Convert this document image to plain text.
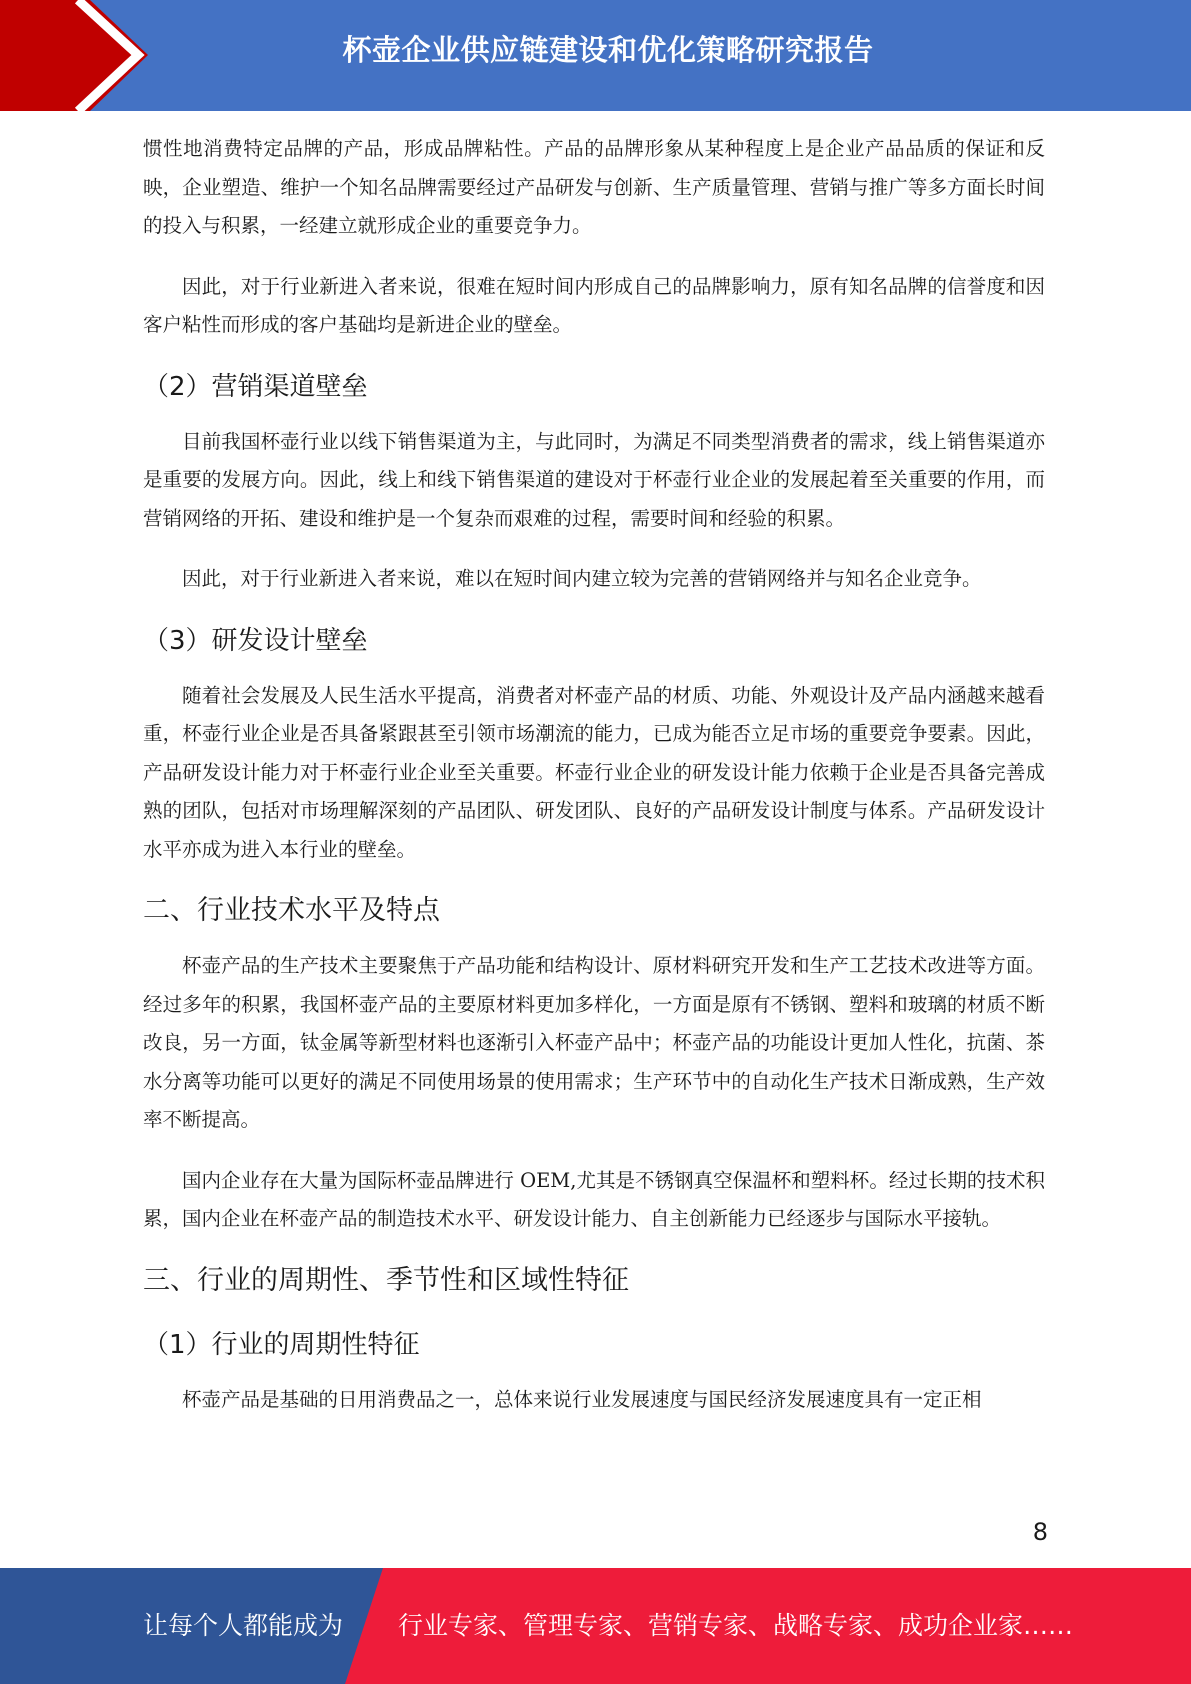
杯壶企业供应链建设和优化策略研究报告

惯性地消费特定品牌的产品，形成品牌粘性。产品的品牌形象从某种程度上是企业产品品质的保证和反映，企业塑造、维护一个知名品牌需要经过产品研发与创新、生产质量管理、营销与推广等多方面长时间的投入与积累，一经建立就形成企业的重要竞争力。

因此，对于行业新进入者来说，很难在短时间内形成自己的品牌影响力，原有知名品牌的信誉度和因客户粘性而形成的客户基础均是新进企业的壁垒。

（2）营销渠道壁垒

目前我国杯壶行业以线下销售渠道为主，与此同时，为满足不同类型消费者的需求，线上销售渠道亦是重要的发展方向。因此，线上和线下销售渠道的建设对于杯壶行业企业的发展起着至关重要的作用，而营销网络的开拓、建设和维护是一个复杂而艰难的过程，需要时间和经验的积累。

因此，对于行业新进入者来说，难以在短时间内建立较为完善的营销网络并与知名企业竞争。

（3）研发设计壁垒

随着社会发展及人民生活水平提高，消费者对杯壶产品的材质、功能、外观设计及产品内涵越来越看重，杯壶行业企业是否具备紧跟甚至引领市场潮流的能力，已成为能否立足市场的重要竞争要素。因此，产品研发设计能力对于杯壶行业企业至关重要。杯壶行业企业的研发设计能力依赖于企业是否具备完善成熟的团队，包括对市场理解深刻的产品团队、研发团队、良好的产品研发设计制度与体系。产品研发设计水平亦成为进入本行业的壁垒。

二、行业技术水平及特点

杯壶产品的生产技术主要聚焦于产品功能和结构设计、原材料研究开发和生产工艺技术改进等方面。经过多年的积累，我国杯壶产品的主要原材料更加多样化，一方面是原有不锈钢、塑料和玻璃的材质不断改良，另一方面，钛金属等新型材料也逐渐引入杯壶产品中；杯壶产品的功能设计更加人性化，抗菌、茶水分离等功能可以更好的满足不同使用场景的使用需求；生产环节中的自动化生产技术日渐成熟，生产效率不断提高。

国内企业存在大量为国际杯壶品牌进行 OEM,尤其是不锈钢真空保温杯和塑料杯。经过长期的技术积累，国内企业在杯壶产品的制造技术水平、研发设计能力、自主创新能力已经逐步与国际水平接轨。

三、行业的周期性、季节性和区域性特征
（1）行业的周期性特征

杯壶产品是基础的日用消费品之一，总体来说行业发展速度与国民经济发展速度具有一定正相

8
让每个人都能成为 行业专家、管理专家、营销专家、战略专家、成功企业家……
